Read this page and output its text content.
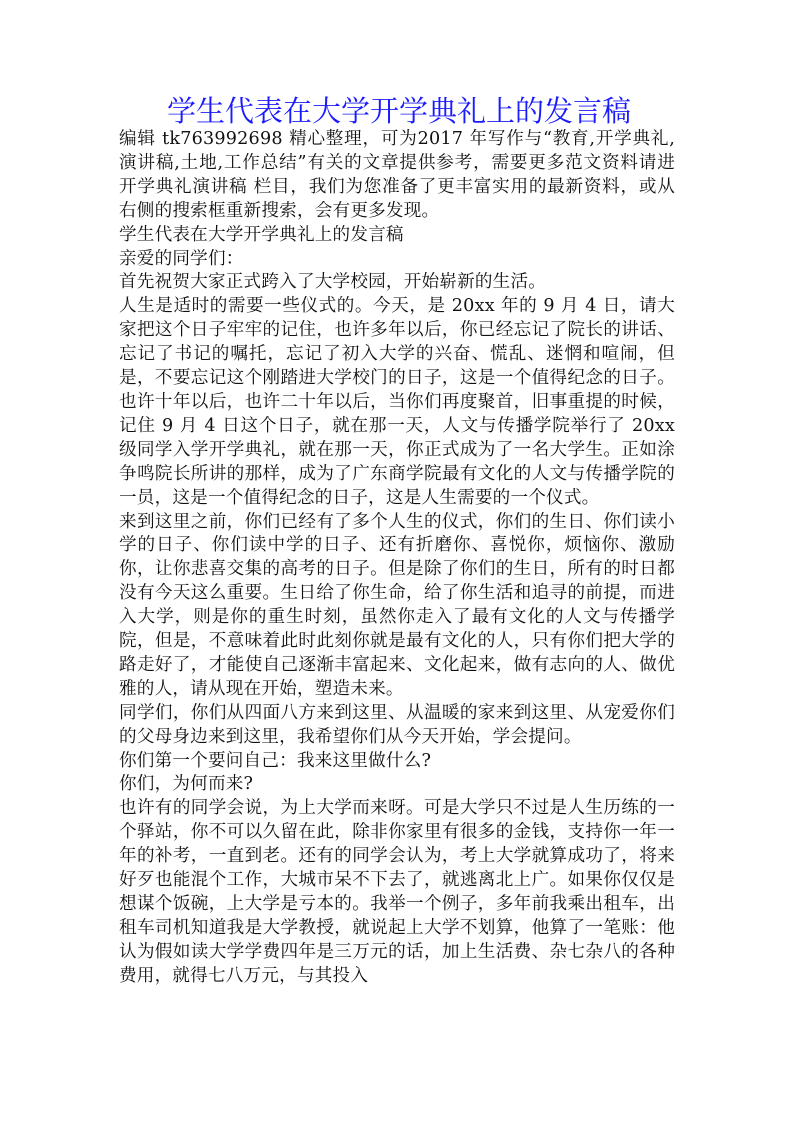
学生代表在大学开学典礼上的发言稿

编辑 tk763992698 精心整理，可为2017 年写作与“教育,开学典礼,演讲稿,土地,工作总结”有关的文章提供参考，需要更多范文资料请进 开学典礼演讲稿 栏目，我们为您准备了更丰富实用的最新资料，或从右侧的搜索框重新搜索，会有更多发现。

学生代表在大学开学典礼上的发言稿

亲爱的同学们：

首先祝贺大家正式跨入了大学校园，开始崭新的生活。

人生是适时的需要一些仪式的。今天，是 20xx 年的 9 月 4 日，请大家把这个日子牢牢的记住，也许多年以后，你已经忘记了院长的讲话、忘记了书记的嘱托，忘记了初入大学的兴奋、慌乱、迷惘和喧闹，但是，不要忘记这个刚踏进大学校门的日子，这是一个值得纪念的日子。也许十年以后，也许二十年以后，当你们再度聚首，旧事重提的时候，记住 9 月 4 日这个日子，就在那一天，人文与传播学院举行了 20xx 级同学入学开学典礼，就在那一天，你正式成为了一名大学生。正如涂争鸣院长所讲的那样，成为了广东商学院最有文化的人文与传播学院的一员，这是一个值得纪念的日子，这是人生需要的一个仪式。

来到这里之前，你们已经有了多个人生的仪式，你们的生日、你们读小学的日子、你们读中学的日子、还有折磨你、喜悦你，烦恼你、激励你，让你悲喜交集的高考的日子。但是除了你们的生日，所有的时日都没有今天这么重要。生日给了你生命，给了你生活和追寻的前提，而进入大学，则是你的重生时刻，虽然你走入了最有文化的人文与传播学院，但是，不意味着此时此刻你就是最有文化的人，只有你们把大学的路走好了，才能使自己逐渐丰富起来、文化起来，做有志向的人、做优雅的人，请从现在开始，塑造未来。

同学们，你们从四面八方来到这里、从温暖的家来到这里、从宠爱你们的父母身边来到这里，我希望你们从今天开始，学会提问。

你们第一个要问自己：我来这里做什么?

你们，为何而来?

也许有的同学会说，为上大学而来呀。可是大学只不过是人生历练的一个驿站，你不可以久留在此，除非你家里有很多的金钱，支持你一年一年的补考，一直到老。还有的同学会认为，考上大学就算成功了，将来好歹也能混个工作，大城市呆不下去了，就逃离北上广。如果你仅仅是想谋个饭碗，上大学是亏本的。我举一个例子，多年前我乘出租车，出租车司机知道我是大学教授，就说起上大学不划算，他算了一笔账：他认为假如读大学学费四年是三万元的话，加上生活费、杂七杂八的各种费用，就得七八万元，与其投入
